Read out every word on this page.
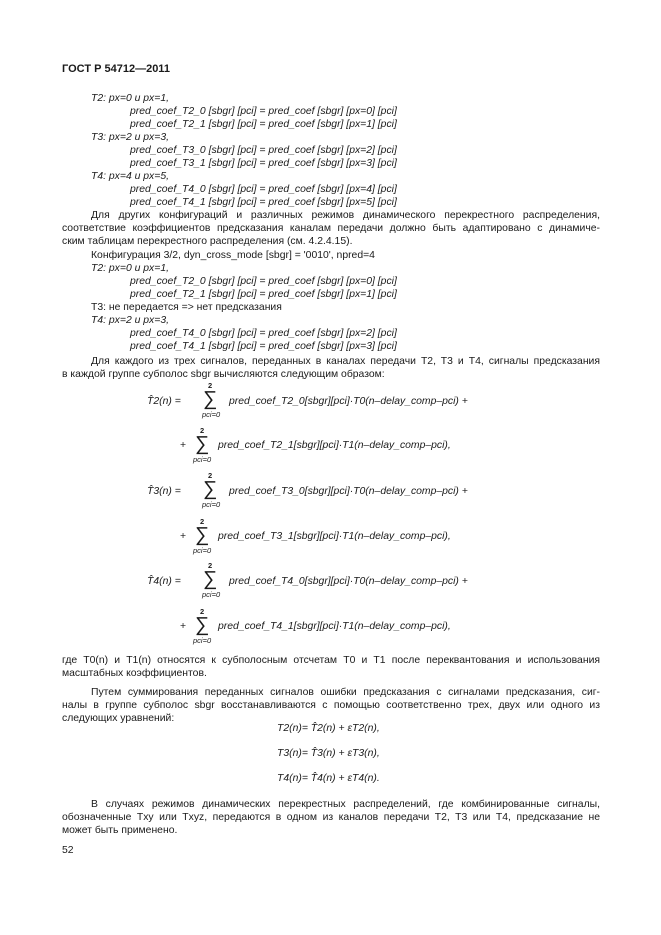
ГОСТ Р 54712—2011
T2: px=0 и px=1,
pred_coef_T2_0 [sbgr] [pci] = pred_coef [sbgr] [px=0] [pci]
pred_coef_T2_1 [sbgr] [pci] = pred_coef [sbgr] [px=1] [pci]
T3: px=2 и px=3,
pred_coef_T3_0 [sbgr] [pci] = pred_coef [sbgr] [px=2] [pci]
pred_coef_T3_1 [sbgr] [pci] = pred_coef [sbgr] [px=3] [pci]
T4: px=4 и px=5,
pred_coef_T4_0 [sbgr] [pci] = pred_coef [sbgr] [px=4] [pci]
pred_coef_T4_1 [sbgr] [pci] = pred_coef [sbgr] [px=5] [pci]
Для других конфигураций и различных режимов динамического перекрестного распределения,
соответствие коэффициентов предсказания каналам передачи должно быть адаптировано с динамиче-
ским таблицам перекрестного распределения (см. 4.2.4.15).
Конфигурация 3/2, dyn_cross_mode [sbgr] = '0010', npred=4
T2: px=0 и px=1,
pred_coef_T2_0 [sbgr] [pci] = pred_coef [sbgr] [px=0] [pci]
pred_coef_T2_1 [sbgr] [pci] = pred_coef [sbgr] [px=1] [pci]
T3: не передается => нет предсказания
T4: px=2 и px=3,
pred_coef_T4_0 [sbgr] [pci] = pred_coef [sbgr] [px=2] [pci]
pred_coef_T4_1 [sbgr] [pci] = pred_coef [sbgr] [px=3] [pci]
Для каждого из трех сигналов, переданных в каналах передачи T2, T3 и T4, сигналы предсказания
в каждой группе субполос sbgr вычисляются следующим образом:
T̂2(n) =
2
∑
pci=0
pred_coef_T2_0[sbgr][pci]·T0(n–delay_comp–pci) +
+
2
∑
pci=0
pred_coef_T2_1[sbgr][pci]·T1(n–delay_comp–pci),
T̂3(n) =
2
∑
pci=0
pred_coef_T3_0[sbgr][pci]·T0(n–delay_comp–pci) +
+
2
∑
pci=0
pred_coef_T3_1[sbgr][pci]·T1(n–delay_comp–pci),
T̂4(n) =
2
∑
pci=0
pred_coef_T4_0[sbgr][pci]·T0(n–delay_comp–pci) +
+
2
∑
pci=0
pred_coef_T4_1[sbgr][pci]·T1(n–delay_comp–pci),
где T0(n) и T1(n) относятся к субполосным отсчетам T0 и T1 после переквантования и использования
масштабных коэффициентов.
Путем суммирования переданных сигналов ошибки предсказания с сигналами предсказания, сиг-
налы в группе субполос sbgr восстанавливаются с помощью соответственно трех, двух или одного из
следующих уравнений:
T2(n)= T̂2(n) + εT2(n),
T3(n)= T̂3(n) + εT3(n),
T4(n)= T̂4(n) + εT4(n).
В случаях режимов динамических перекрестных распределений, где комбинированные сигналы,
обозначенные Txy или Txyz, передаются в одном из каналов передачи T2, T3 или T4, предсказание не
может быть применено.
52
